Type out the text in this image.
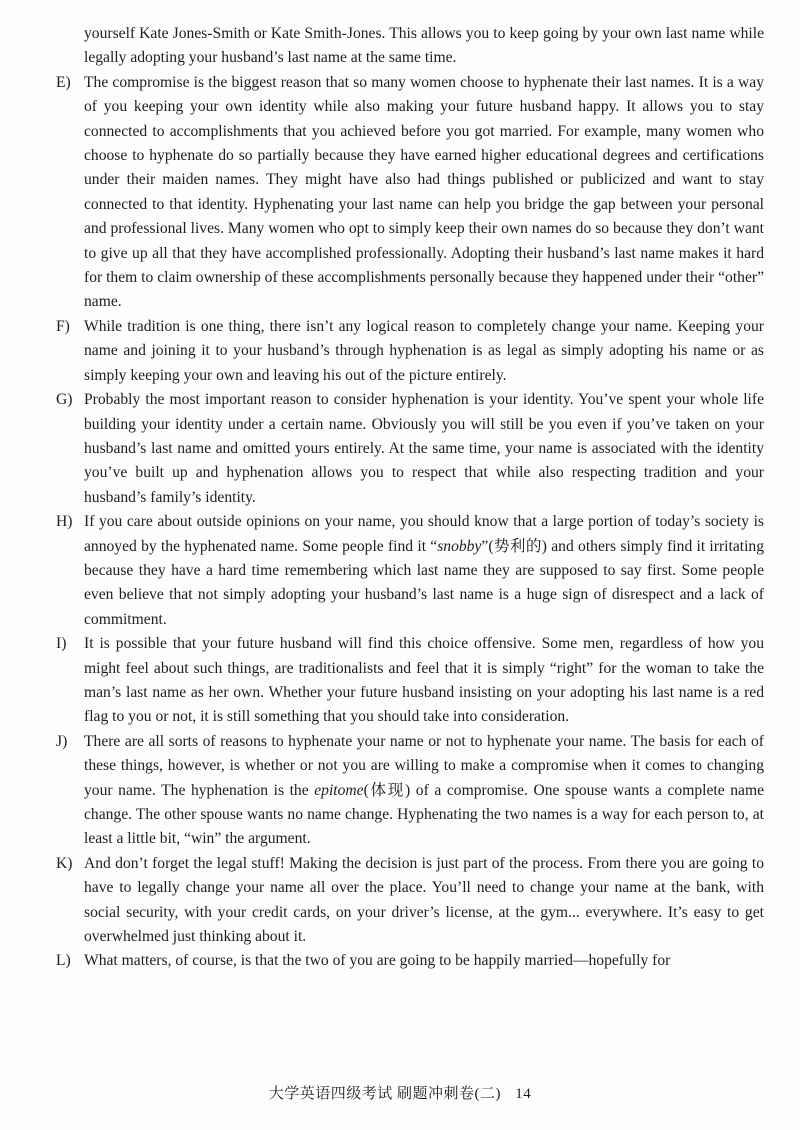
yourself Kate Jones-Smith or Kate Smith-Jones. This allows you to keep going by your own last name while legally adopting your husband’s last name at the same time.

E) The compromise is the biggest reason that so many women choose to hyphenate their last names. It is a way of you keeping your own identity while also making your future husband happy. It allows you to stay connected to accomplishments that you achieved before you got married. For example, many women who choose to hyphenate do so partially because they have earned higher educational degrees and certifications under their maiden names. They might have also had things published or publicized and want to stay connected to that identity. Hyphenating your last name can help you bridge the gap between your personal and professional lives. Many women who opt to simply keep their own names do so because they don’t want to give up all that they have accomplished professionally. Adopting their husband’s last name makes it hard for them to claim ownership of these accomplishments personally because they happened under their “other” name.

F) While tradition is one thing, there isn’t any logical reason to completely change your name. Keeping your name and joining it to your husband’s through hyphenation is as legal as simply adopting his name or as simply keeping your own and leaving his out of the picture entirely.

G) Probably the most important reason to consider hyphenation is your identity. You’ve spent your whole life building your identity under a certain name. Obviously you will still be you even if you’ve taken on your husband’s last name and omitted yours entirely. At the same time, your name is associated with the identity you’ve built up and hyphenation allows you to respect that while also respecting tradition and your husband’s family’s identity.

H) If you care about outside opinions on your name, you should know that a large portion of today’s society is annoyed by the hyphenated name. Some people find it “snobby”(势利的) and others simply find it irritating because they have a hard time remembering which last name they are supposed to say first. Some people even believe that not simply adopting your husband’s last name is a huge sign of disrespect and a lack of commitment.

I) It is possible that your future husband will find this choice offensive. Some men, regardless of how you might feel about such things, are traditionalists and feel that it is simply “right” for the woman to take the man’s last name as her own. Whether your future husband insisting on your adopting his last name is a red flag to you or not, it is still something that you should take into consideration.

J) There are all sorts of reasons to hyphenate your name or not to hyphenate your name. The basis for each of these things, however, is whether or not you are willing to make a compromise when it comes to changing your name. The hyphenation is the epitome(体现) of a compromise. One spouse wants a complete name change. The other spouse wants no name change. Hyphenating the two names is a way for each person to, at least a little bit, “win” the argument.

K) And don’t forget the legal stuff! Making the decision is just part of the process. From there you are going to have to legally change your name all over the place. You’ll need to change your name at the bank, with social security, with your credit cards, on your driver’s license, at the gym... everywhere. It’s easy to get overwhelmed just thinking about it.

L) What matters, of course, is that the two of you are going to be happily married—hopefully for

大学英语四级考试 刷题冲刺卷(二) 14
